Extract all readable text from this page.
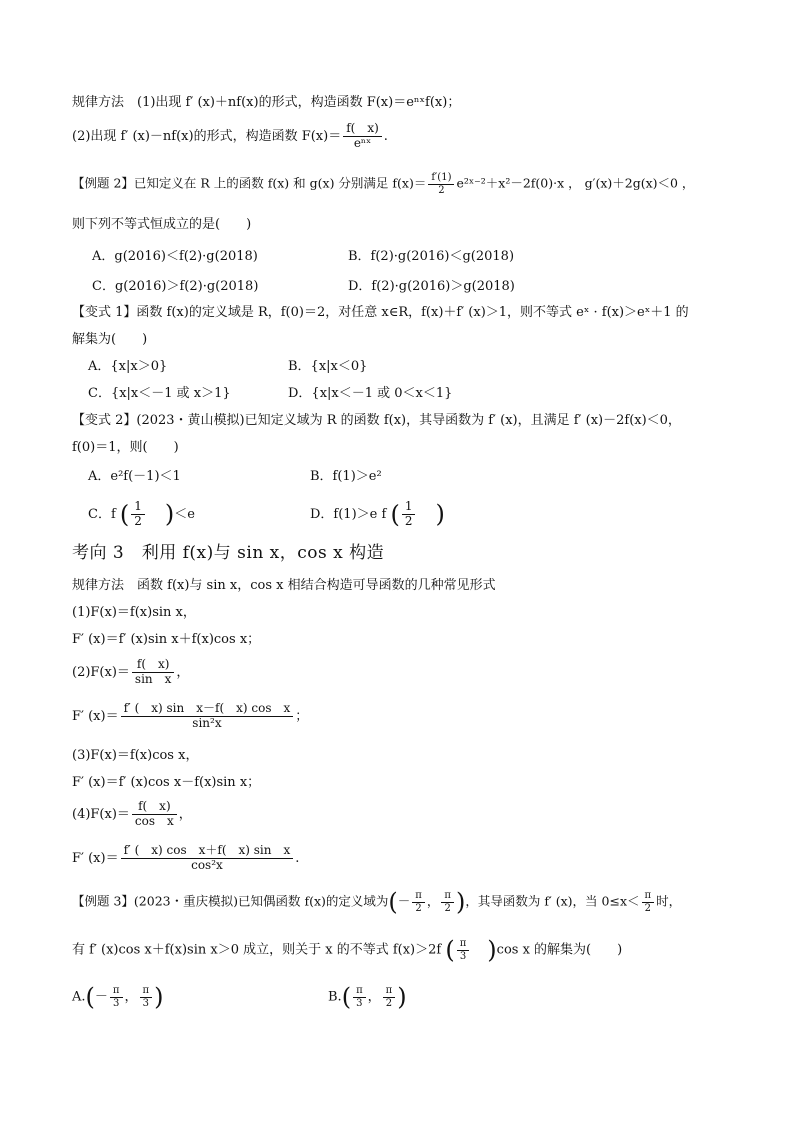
规律方法　(1)出现 f′ (x)＋nf(x)的形式，构造函数 F(x)＝eⁿˣf(x)；
(2)出现 f′ (x)－nf(x)的形式，构造函数 $F(x)= \frac{f( x)}{\text{eⁿˣ}}$ .
【例题 2】已知定义在 R 上的函数 f(x) 和 g(x) 分别满足 $f(x)= \frac{f'(1)}{2}$ e²ˣ⁻²＋x²－2f(0)·x ， g′(x)＋2g(x)＜0 ，
则下列不等式恒成立的是(　　)
A．g(2016)＜f(2)·g(2018)	B．f(2)·g(2016)＜g(2018)
C．g(2016)＞f(2)·g(2018)	D．f(2)·g(2016)＞g(2018)
【变式 1】函数 f(x)的定义域是 R，f(0)＝2，对任意 x∈R，f(x)＋f′ (x)＞1，则不等式 eˣ · f(x)＞eˣ＋1 的
解集为(　　)
A．{x|x＞0}	B．{x|x＜0}
C．{x|x＜－1 或 x＞1}	D．{x|x＜－1 或 0＜x＜1}
【变式 2】(2023・黄山模拟)已知定义域为 R 的函数 f(x)，其导函数为 f′ (x)，且满足 f′ (x)－2f(x)＜0，
f(0)＝1，则(　　)
A．e²f(－1)＜1	B．f(1)＞e²
C．f ( $\frac{1}{2} )<e$	D．f(1)＞e f ( $\frac{1}{2}$ )
考向 3　利用 f(x)与 sin x，cos x 构造
规律方法　函数 f(x)与 sin x，cos x 相结合构造可导函数的几种常见形式
(1)F(x)＝f(x)sin x，
F′ (x)＝f′ (x)sin x＋f(x)cos x；
$(2)F(x)= \frac{f( x)}{\text{sin　x}}$ ，
F′ $(x)= \frac{\text{f′ (　x) sin　x－f(　x) cos　x}}{\text{sin²x}}$ ；
(3)F(x)＝f(x)cos x，
F′ (x)＝f′ (x)cos x－f(x)sin x；
$(4)F(x)= \frac{f( x)}{\text{cos　x}}$ ，
F′ $(x)= \frac{\text{f′ (　x) cos　x＋f(　x) sin　x}}{\text{cos²x}}$ .
【例题 3】(2023・重庆模拟)已知偶函数 f(x)的定义域为(－ $\frac{\pi}{2}$ ， $\frac{\pi}{2}$ )，其导函数为 f′ (x)，当 $0\le x< \frac{\pi}{2}$ 时，
有 f′ (x)cos x＋f(x)sin x＞0 成立，则关于 x 的不等式 f(x)＞2f ( $\frac{\pi}{3} )\cos$ x 的解集为(　　)
$A.(- \frac{\pi}{3}$ ， $\frac{\pi}{3}$ )	$B.( \frac{\pi}{3}$ ， $\frac{\pi}{2}$ )
